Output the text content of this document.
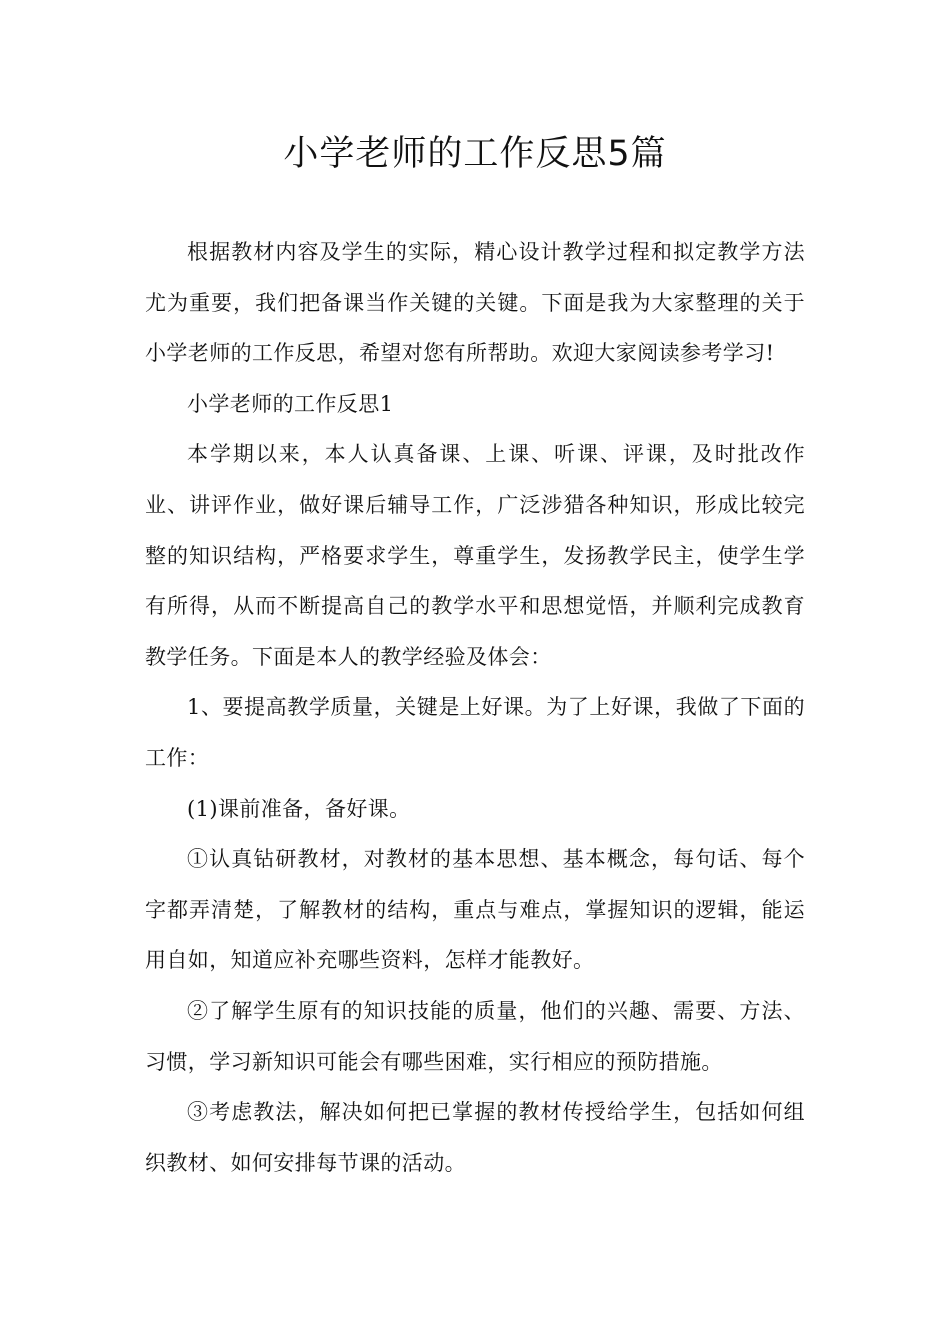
小学老师的工作反思5篇

根据教材内容及学生的实际，精心设计教学过程和拟定教学方法尤为重要，我们把备课当作关键的关键。下面是我为大家整理的关于小学老师的工作反思，希望对您有所帮助。欢迎大家阅读参考学习!

小学老师的工作反思1

本学期以来，本人认真备课、上课、听课、评课，及时批改作业、讲评作业，做好课后辅导工作，广泛涉猎各种知识，形成比较完整的知识结构，严格要求学生，尊重学生，发扬教学民主，使学生学有所得，从而不断提高自己的教学水平和思想觉悟，并顺利完成教育教学任务。下面是本人的教学经验及体会：

1、要提高教学质量，关键是上好课。为了上好课，我做了下面的工作：

(1)课前准备，备好课。

①认真钻研教材，对教材的基本思想、基本概念，每句话、每个字都弄清楚，了解教材的结构，重点与难点，掌握知识的逻辑，能运用自如，知道应补充哪些资料，怎样才能教好。

②了解学生原有的知识技能的质量，他们的兴趣、需要、方法、习惯，学习新知识可能会有哪些困难，实行相应的预防措施。

③考虑教法，解决如何把已掌握的教材传授给学生，包括如何组织教材、如何安排每节课的活动。
